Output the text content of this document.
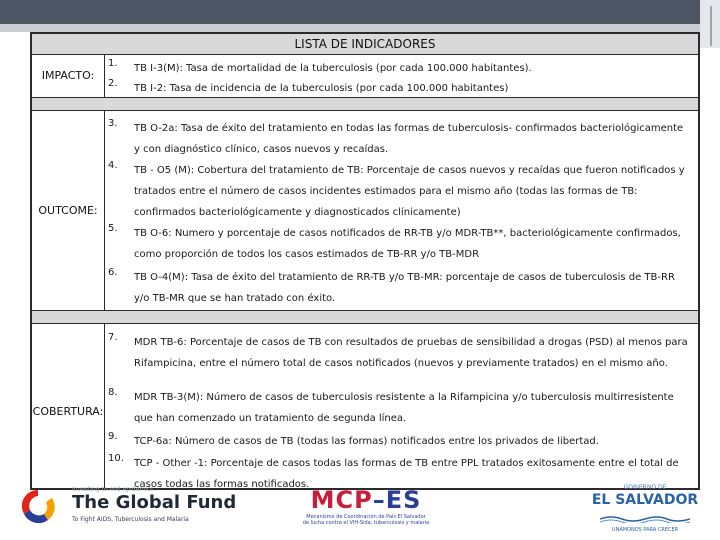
LISTA DE INDICADORES
IMPACTO:
1.	TB I-3(M): Tasa de mortalidad de la tuberculosis (por cada 100.000 habitantes).
2.	TB I-2: Tasa de incidencia de la tuberculosis (por cada 100.000 habitantes)
OUTCOME:
3.	TB O-2a: Tasa de éxito del tratamiento en todas las formas de tuberculosis- confirmados bacteriológicamente y con diagnóstico clínico, casos nuevos y recaídas.
4.	TB - O5 (M): Cobertura del tratamiento de TB: Porcentaje de casos nuevos y recaídas que fueron notificados y tratados entre el número de casos incidentes estimados para el mismo año (todas las formas de TB: confirmados bacteriológicamente y diagnosticados clínicamente)
5.	TB O-6: Numero y porcentaje de casos notificados de RR-TB y/o MDR-TB**, bacteriológicamente confirmados, como proporción de todos los casos estimados de TB-RR y/o TB-MDR
6.	TB O-4(M): Tasa de éxito del tratamiento de RR-TB y/o TB-MR: porcentaje de casos de tuberculosis de TB-RR y/o TB-MR que se han tratado con éxito.
COBERTURA:
7.	MDR TB-6: Porcentaje de casos de TB con resultados de pruebas de sensibilidad a drogas (PSD) al menos para Rifampicina, entre el número total de casos notificados (nuevos y previamente tratados) en el mismo año.
8.	MDR TB-3(M): Número de casos de tuberculosis resistente a la Rifampicina y/o tuberculosis multirresistente que han comenzado un tratamiento de segunda línea.
9.	TCP-6a: Número de casos de TB (todas las formas) notificados entre los privados de libertad.
10.	TCP - Other -1: Porcentaje de casos todas las formas de TB entre PPL tratados exitosamente entre el total de casos todas las formas notificados.
Investing to end epidemics
The Global Fund
To Fight AIDS, Tuberculosis and Malaria
MCP–ES
Mecanismo de Coordinación de País El Salvador
de lucha contra el VIH-Sida, tuberculosis y malaria
GOBIERNO DE
EL SALVADOR
UNÁMONOS PARA CRECER
